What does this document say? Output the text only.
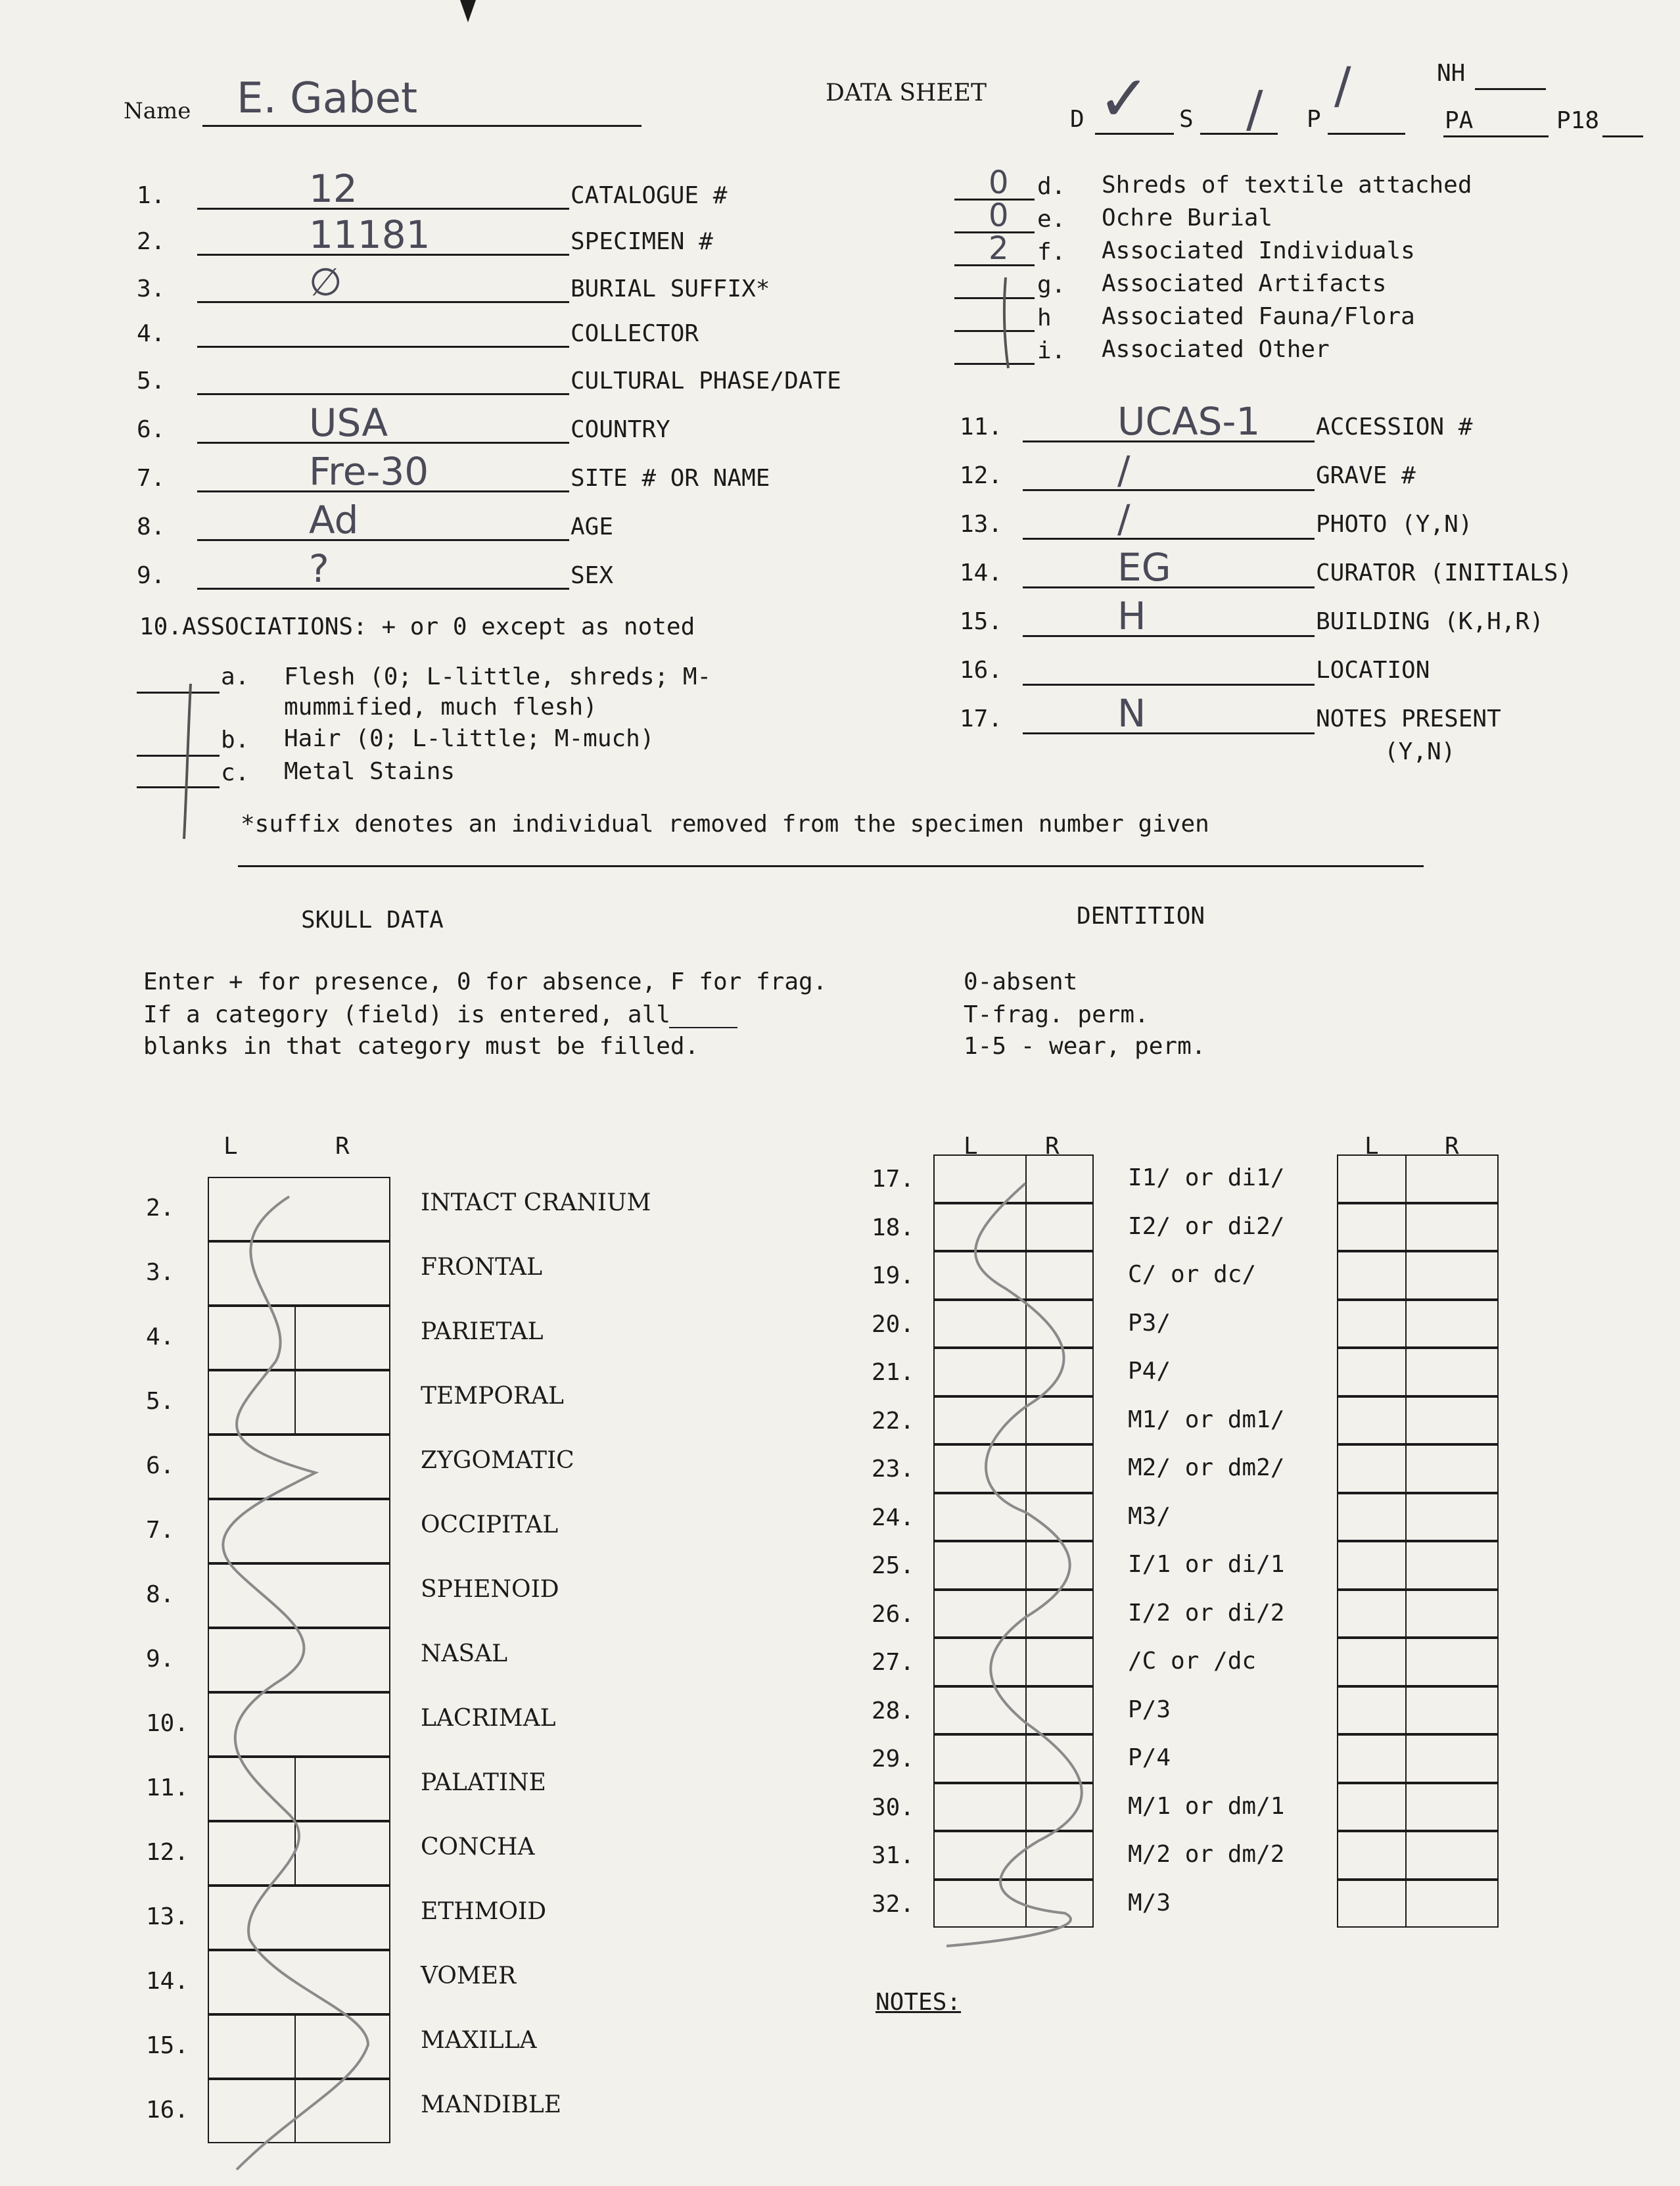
Name E. Gabet	DATA SHEET
D ✓ S / P
/	NH
PA	P18
1.	12	CATALOGUE #
2.	11181	SPECIMEN #
3.	∅	BURIAL SUFFIX*
4.	COLLECTOR
5.	CULTURAL PHASE/DATE
6.	USA	COUNTRY
7.	Fre-30	SITE # OR NAME
8.	Ad	AGE
9.	?	SEX
0 d. Shreds of textile attached
0 e. Ochre Burial
2 f. Associated Individuals
g. Associated Artifacts
h Associated Fauna/Flora
i. Associated Other
11.	UCAS-1 ACCESSION #
12.	/	GRAVE #
13.	/	PHOTO (Y,N)
14.	EG	CURATOR (INITIALS)
15.	H	BUILDING (K,H,R)
16.	LOCATION
17.	N	NOTES PRESENT
(Y,N)
10.ASSOCIATIONS: + or 0 except as noted
a. Flesh (0; L-little, shreds; M-
mummified, much flesh)
b. Hair (0; L-little; M-much)
c. Metal Stains
*suffix denotes an individual removed from the specimen number given
SKULL DATA
Enter + for presence, 0 for absence, F for frag.
If a category (field) is entered, all
blanks in that category must be filled.
DENTITION
0-absent
T-frag. perm.
1-5 - wear, perm.
L	R
2.	INTACT CRANIUM
3.	FRONTAL
4.	PARIETAL
5.	TEMPORAL
6.	ZYGOMATIC
7.	OCCIPITAL
8.	SPHENOID
9.	NASAL
10.	LACRIMAL
11.	PALATINE
12.	CONCHA
13.	ETHMOID
14.	VOMER
15.	MAXILLA
16.	MANDIBLE
L	R	L	R
17.	I1/ or di1/
18.	I2/ or di2/
19.	C/ or dc/
20.	P3/
21.	P4/
22.	M1/ or dm1/
23.	M2/ or dm2/
24.	M3/
25.	I/1 or di/1
26.	I/2 or di/2
27.	/C or /dc
28.	P/3
29.	P/4
30.	M/1 or dm/1
31.	M/2 or dm/2
32.	M/3
NOTES:
